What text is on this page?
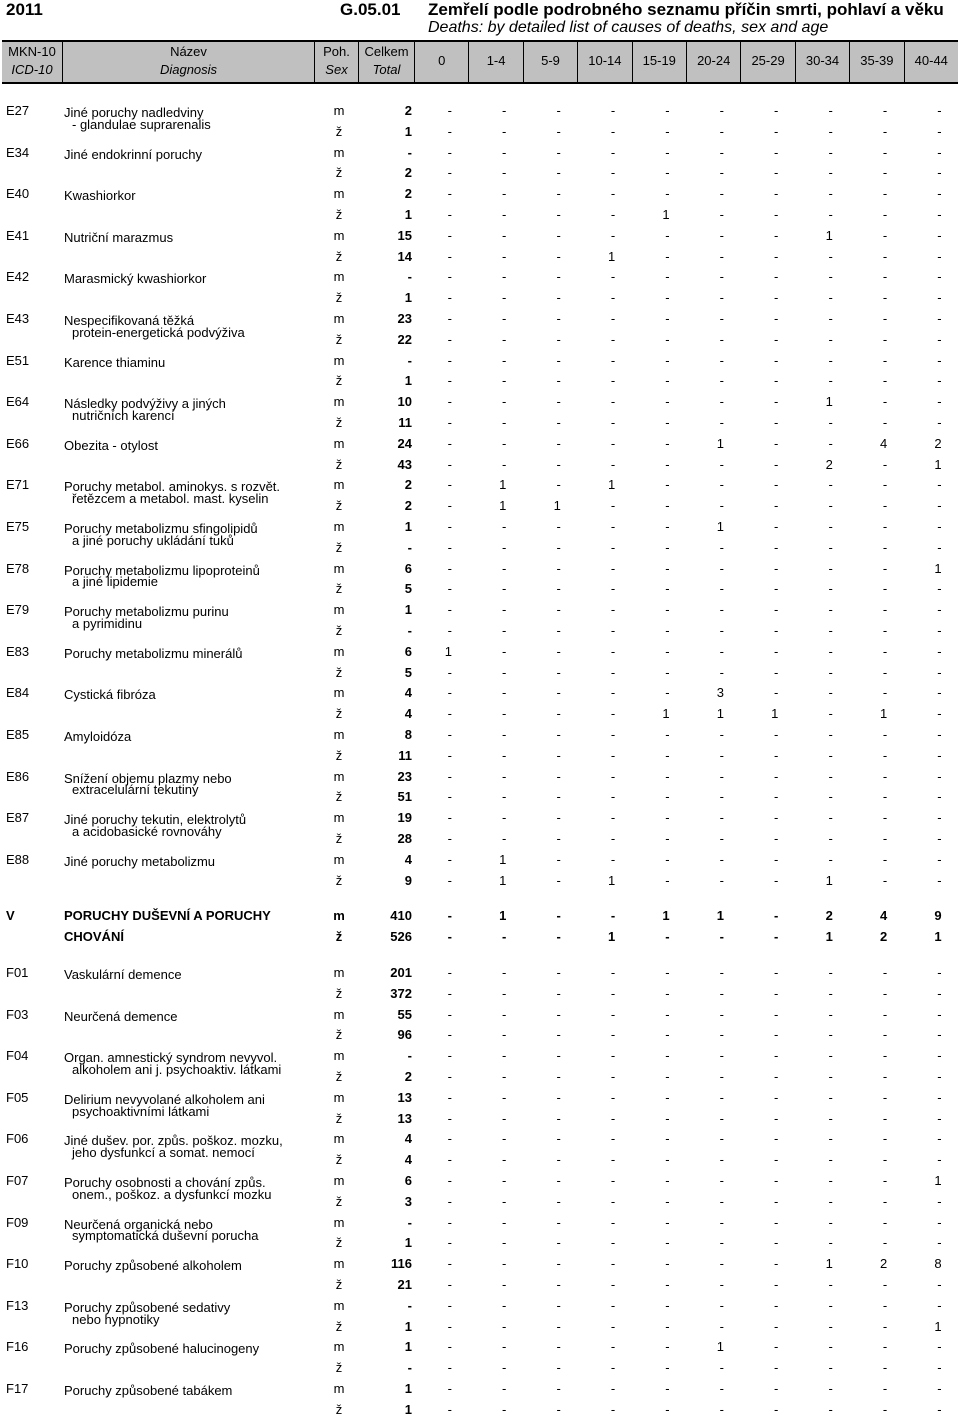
2011	G.05.01 Zemřelí podle podrobného seznamu příčin smrti, pohlaví a věku
Deaths: by detailed list of causes of deaths, sex and age
MKN-10
ICD-10
Název
Diagnosis
Poh.
Sex
Celkem
Total
0	1-4	5-9	10-14	15-19	20-24	25-29	30-34	35-39	40-44
E27	Jiné poruchy nadledviny	m	2	-	-	-	-	-	-	-	-	-	-
- glandulae suprarenalis	ž	1	-	-	-	-	-	-	-	-	-	-
E34	Jiné endokrinní poruchy	m	-	-	-	-	-	-	-	-	-	-	-
ž	2	-	-	-	-	-	-	-	-	-	-
E40	Kwashiorkor	m	2	-	-	-	-	-	-	-	-	-	-
ž	1	-	-	-	-	1	-	-	-	-	-
E41	Nutriční marazmus	m	15	-	-	-	-	-	-	-	1	-	-
ž	14	-	-	-	1	-	-	-	-	-	-
E42	Marasmický kwashiorkor	m	-	-	-	-	-	-	-	-	-	-	-
ž	1	-	-	-	-	-	-	-	-	-	-
E43	Nespecifikovaná těžká	m	23	-	-	-	-	-	-	-	-	-	-
protein-energetická podvýživa	ž	22	-	-	-	-	-	-	-	-	-	-
E51	Karence thiaminu	m	-	-	-	-	-	-	-	-	-	-	-
ž	1	-	-	-	-	-	-	-	-	-	-
E64	Následky podvýživy a jiných	m	10	-	-	-	-	-	-	-	1	-	-
nutričních karencí	ž	11	-	-	-	-	-	-	-	-	-	-
E66	Obezita - otylost	m	24	-	-	-	-	-	1	-	-	4	2
ž	43	-	-	-	-	-	-	-	2	-	1
E71	Poruchy metabol. aminokys. s rozvět.	m	2	-	1	-	1	-	-	-	-	-	-
řetězcem a metabol. mast. kyselin	ž	2	-	1	1	-	-	-	-	-	-	-
E75	Poruchy metabolizmu sfingolipidů	m	1	-	-	-	-	-	1	-	-	-	-
a jiné poruchy ukládání tuků	ž	-	-	-	-	-	-	-	-	-	-	-
E78	Poruchy metabolizmu lipoproteinů	m	6	-	-	-	-	-	-	-	-	-	1
a jiné lipidemie	ž	5	-	-	-	-	-	-	-	-	-	-
E79	Poruchy metabolizmu purinu	m	1	-	-	-	-	-	-	-	-	-	-
a pyrimidinu	ž	-	-	-	-	-	-	-	-	-	-	-
E83	Poruchy metabolizmu minerálů	m	6	1	-	-	-	-	-	-	-	-	-
ž	5	-	-	-	-	-	-	-	-	-	-
E84	Cystická fibróza	m	4	-	-	-	-	-	3	-	-	-	-
ž	4	-	-	-	-	1	1	1	-	1	-
E85	Amyloidóza	m	8	-	-	-	-	-	-	-	-	-	-
ž	11	-	-	-	-	-	-	-	-	-	-
E86	Snížení objemu plazmy nebo	m	23	-	-	-	-	-	-	-	-	-	-
extracelulární tekutiny	ž	51	-	-	-	-	-	-	-	-	-	-
E87	Jiné poruchy tekutin, elektrolytů	m	19	-	-	-	-	-	-	-	-	-	-
a acidobasické rovnováhy	ž	28	-	-	-	-	-	-	-	-	-	-
E88	Jiné poruchy metabolizmu	m	4	-	1	-	-	-	-	-	-	-	-
ž	9	-	1	-	1	-	-	-	1	-	-
V	PORUCHY DUŠEVNÍ A PORUCHY	m	410	-	1	-	-	1	1	-	2	4	9
CHOVÁNÍ	ž	526	-	-	-	1	-	-	-	1	2	1
F01	Vaskulární demence	m	201	-	-	-	-	-	-	-	-	-	-
ž	372	-	-	-	-	-	-	-	-	-	-
F03	Neurčená demence	m	55	-	-	-	-	-	-	-	-	-	-
ž	96	-	-	-	-	-	-	-	-	-	-
F04	Organ. amnestický syndrom nevyvol.	m	-	-	-	-	-	-	-	-	-	-	-
alkoholem ani j. psychoaktiv. látkami	ž	2	-	-	-	-	-	-	-	-	-	-
F05	Delirium nevyvolané alkoholem ani	m	13	-	-	-	-	-	-	-	-	-	-
psychoaktivními látkami	ž	13	-	-	-	-	-	-	-	-	-	-
F06	Jiné dušev. por. způs. poškoz. mozku,	m	4	-	-	-	-	-	-	-	-	-	-
jeho dysfunkcí a somat. nemocí	ž	4	-	-	-	-	-	-	-	-	-	-
F07	Poruchy osobnosti a chování způs.	m	6	-	-	-	-	-	-	-	-	-	1
onem., poškoz. a dysfunkcí mozku	ž	3	-	-	-	-	-	-	-	-	-	-
F09	Neurčená organická nebo	m	-	-	-	-	-	-	-	-	-	-	-
symptomatická duševní porucha	ž	1	-	-	-	-	-	-	-	-	-	-
F10	Poruchy způsobené alkoholem	m	116	-	-	-	-	-	-	-	1	2	8
ž	21	-	-	-	-	-	-	-	-	-	-
F13	Poruchy způsobené sedativy	m	-	-	-	-	-	-	-	-	-	-	-
nebo hypnotiky	ž	1	-	-	-	-	-	-	-	-	-	1
F16	Poruchy způsobené halucinogeny	m	1	-	-	-	-	-	1	-	-	-	-
ž	-	-	-	-	-	-	-	-	-	-	-
F17	Poruchy způsobené tabákem	m	1	-	-	-	-	-	-	-	-	-	-
ž	1	-	-	-	-	-	-	-	-	-	-
